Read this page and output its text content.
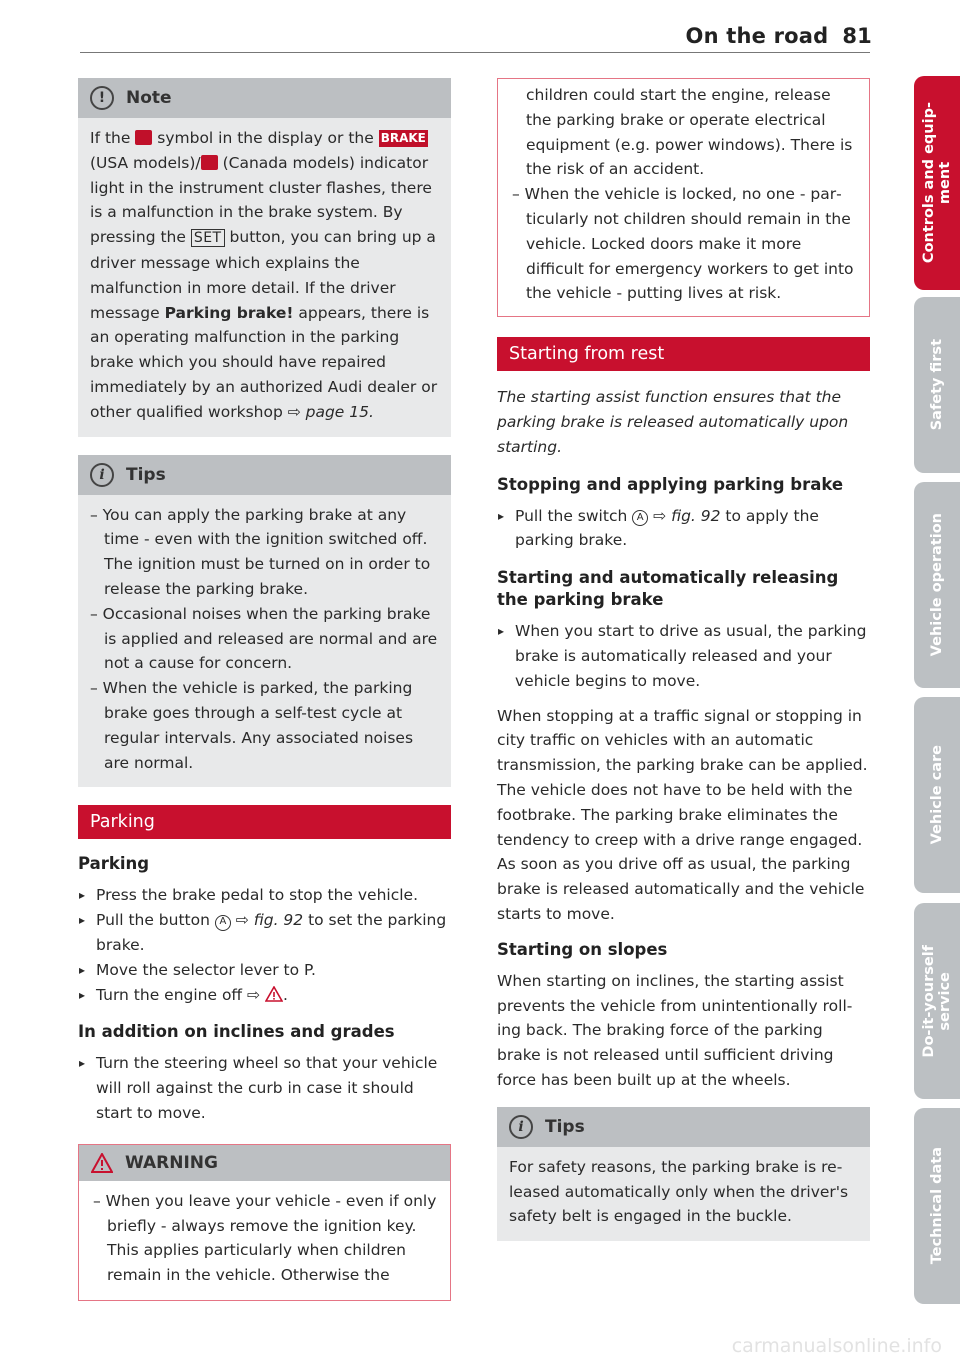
On the road 81
!	Note

If the  symbol in the display or the BRAKE (USA models)/ (Canada models) indicator light in the instrument cluster flashes, there is a malfunction in the brake system. By pressing the SET button, you can bring up a driver message which explains the malfunction in more detail. If the driver message Parking brake! appears, there is an operating malfunction in the parking brake which you should have repaired immediately by an authorized Audi dealer or other qualified workshop ⇨ page 15.

i	Tips

– You can apply the parking brake at any time - even with the ignition switched off. The ignition must be turned on in order to release the parking brake.

– Occasional noises when the parking brake is applied and released are normal and are not a cause for concern.

– When the vehicle is parked, the parking brake goes through a self-test cycle at regular intervals. Any associated noises are normal.

Parking
Parking
▸ Press the brake pedal to stop the vehicle.
▸ Pull the button A ⇨ fig. 92 to set the parking brake.
▸ Move the selector lever to P.
▸ Turn the engine off ⇨ .
In addition on inclines and grades
▸ Turn the steering wheel so that your vehicle will roll against the curb in case it should start to move.
WARNING

– When you leave your vehicle - even if only briefly - always remove the ignition key. This applies particularly when children remain in the vehicle. Otherwise the

children could start the engine, release the parking brake or operate electrical equipment (e.g. power windows). There is the risk of an accident.

– When the vehicle is locked, no one - particularly not children should remain in the vehicle. Locked doors make it more difficult for emergency workers to get into the vehicle - putting lives at risk.

Starting from rest
The starting assist function ensures that the parking brake is released automatically upon starting.
Stopping and applying parking brake
▸ Pull the switch A ⇨ fig. 92 to apply the parking brake.
Starting and automatically releasing the parking brake
▸ When you start to drive as usual, the parking brake is automatically released and your vehicle begins to move.
When stopping at a traffic signal or stopping in city traffic on vehicles with an automatic transmission, the parking brake can be applied. The vehicle does not have to be held with the footbrake. The parking brake eliminates the tendency to creep with a drive range engaged. As soon as you drive off as usual, the parking brake is released automatically and the vehicle starts to move.
Starting on slopes
When starting on inclines, the starting assist prevents the vehicle from unintentionally rolling back. The braking force of the parking brake is not released until sufficient driving force has been built up at the wheels.
i	Tips

For safety reasons, the parking brake is released automatically only when the driver's safety belt is engaged in the buckle.

Controls and equip-
ment
Safety first
Vehicle operation
Vehicle care
Do-it-yourself
service
Technical data
carmanualsonline.info
